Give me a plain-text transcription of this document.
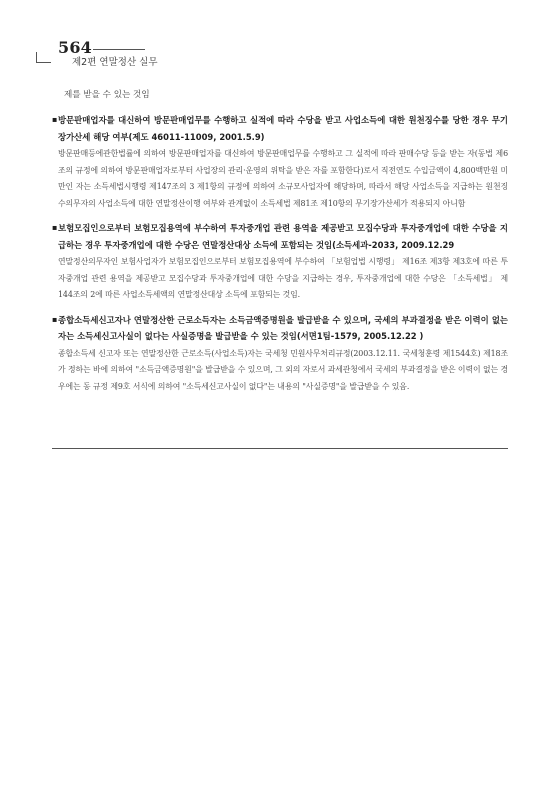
564
제2편 연말정산 실무
제를 받을 수 있는 것임
▪ 방문판매업자를 대신하여 방문판매업무를 수행하고 실적에 따라 수당을 받고 사업소득에 대한 원천징수를 당한 경우 무기장가산세 해당 여부(제도 46011-11009, 2001.5.9)
방문판매등에관한법률에 의하여 방문판매업자를 대신하여 방문판매업무를 수행하고 그 실적에 따라 판매수당 등을 받는 자(동법 제6조의 규정에 의하여 방문판매업자로부터 사업장의 관리·운영의 위탁을 받은 자를 포함한다)로서 직전연도 수입금액이 4,800백만원 미만인 자는 소득세법시행령 제147조의 3 제1항의 규정에 의하여 소규모사업자에 해당하며, 따라서 해당 사업소득을 지급하는 원천징수의무자의 사업소득에 대한 연말정산이행 여부와 관계없이 소득세법 제81조 제10항의 무기장가산세가 적용되지 아니함
▪ 보험모집인으로부터 보험모집용역에 부수하여 투자중개업 관련 용역을 제공받고 모집수당과 투자중개업에 대한 수당을 지급하는 경우 투자중개업에 대한 수당은 연말정산대상 소득에 포함되는 것임(소득세과-2033, 2009.12.29
연말정산의무자인 보험사업자가 보험모집인으로부터 보험모집용역에 부수하여 「보험업법 시행령」 제16조 제3항 제3호에 따른 투자중개업 관련 용역을 제공받고 모집수당과 투자중개업에 대한 수당을 지급하는 경우, 투자중개업에 대한 수당은 「소득세법」 제144조의 2에 따른 사업소득세액의 연말정산대상 소득에 포함되는 것임.
▪ 종합소득세신고자나 연말정산한 근로소득자는 소득금액증명원을 발급받을 수 있으며, 국세의 부과결정을 받은 이력이 없는 자는 소득세신고사실이 없다는 사실증명을 발급받을 수 있는 것임(서면1팀-1579, 2005.12.22 )
종합소득세 신고자 또는 연말정산한 근로소득(사업소득)자는 국세청 민원사무처리규정(2003.12.11. 국세청훈령 제1544호) 제18조가 정하는 바에 의하여 "소득금액증명원"을 발급받을 수 있으며, 그 외의 자로서 과세관청에서 국세의 부과결정을 받은 이력이 없는 경우에는 동 규정 제9호 서식에 의하여 "소득세신고사실이 없다"는 내용의 "사실증명"을 발급받을 수 있음.
